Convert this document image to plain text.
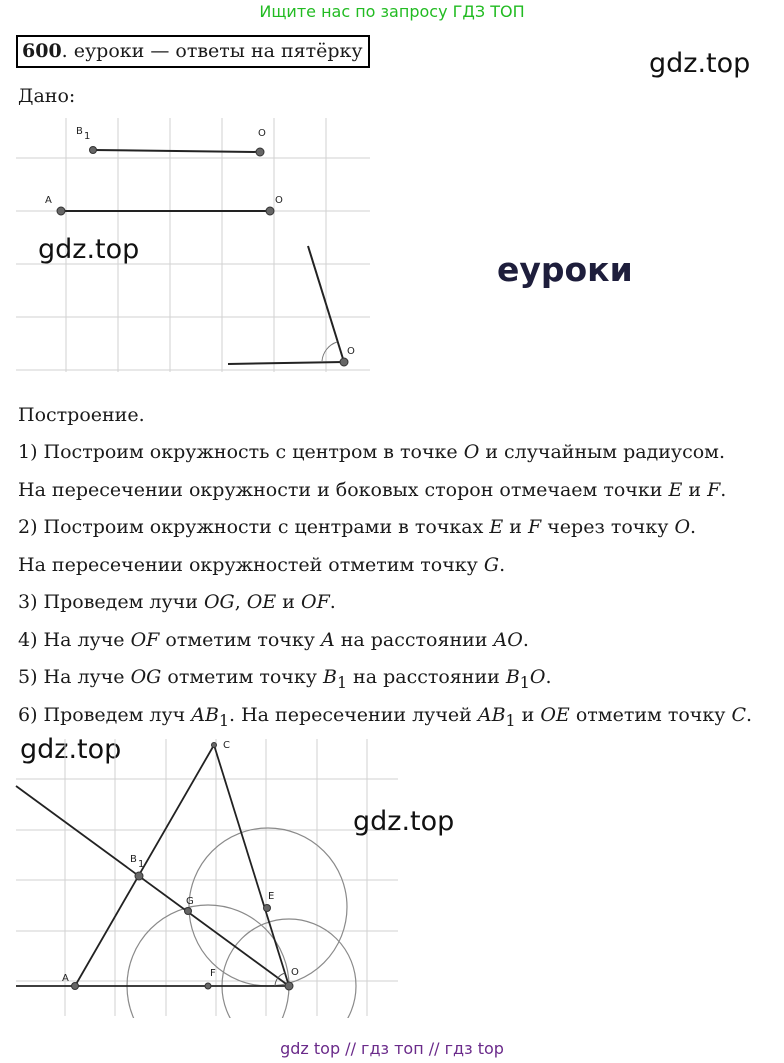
Ищите нас по запросу ГДЗ ТОП
600. еуроки — ответы на пятёрку	gdz.top
Дано:
B 1	O
A	O
O
gdz.top
еуроки
Построение.
1) Построим окружность с центром в точке O и случайным радиусом.
На пересечении окружности и боковых сторон отмечаем точки E и F.
2) Построим окружности с центрами в точках E и F через точку O.
На пересечении окружностей отметим точку G.
3) Проведем лучи OG, OE и OF.
4) На луче OF отметим точку A на расстоянии AO.
5) На луче OG отметим точку $B_1$ на расстоянии $B_1O$.
6) Проведем луч $AB_1$. На пересечении лучей $AB_1$ и OE отметим точку C.
gdz.top	C
B 1
G	E
A	F	O
gdz.top
gdz top // гдз топ // гдз top
